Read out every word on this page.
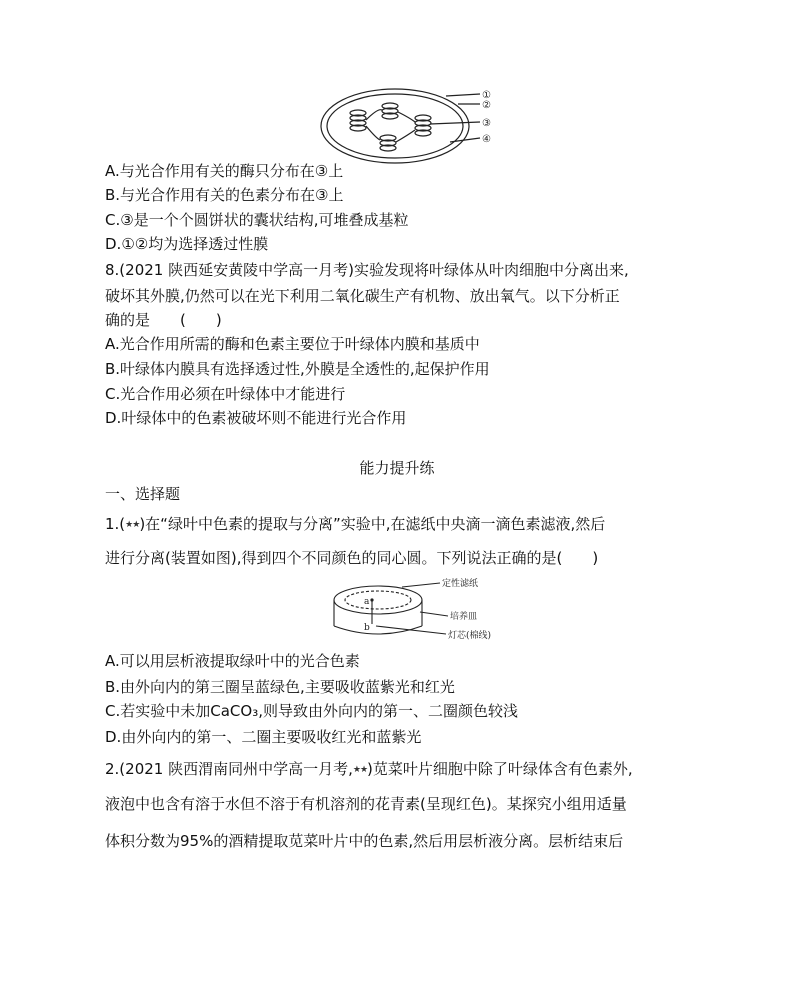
①
②
③
④
A.与光合作用有关的酶只分布在③上
B.与光合作用有关的色素分布在③上
C.③是一个个圆饼状的囊状结构,可堆叠成基粒
D.①②均为选择透过性膜
8.(2021 陕西延安黄陵中学高一月考)实验发现将叶绿体从叶肉细胞中分离出来,
破坏其外膜,仍然可以在光下利用二氧化碳生产有机物、放出氧气。以下分析正
确的是　　(　　)
A.光合作用所需的酶和色素主要位于叶绿体内膜和基质中
B.叶绿体内膜具有选择透过性,外膜是全透性的,起保护作用
C.光合作用必须在叶绿体中才能进行
D.叶绿体中的色素被破坏则不能进行光合作用
能力提升练
一、选择题
1.(★★)在“绿叶中色素的提取与分离”实验中,在滤纸中央滴一滴色素滤液,然后
进行分离(装置如图),得到四个不同颜色的同心圆。下列说法正确的是(　　)
a
b
定性滤纸
培养皿
灯芯(棉线)
A.可以用层析液提取绿叶中的光合色素
B.由外向内的第三圈呈蓝绿色,主要吸收蓝紫光和红光
C.若实验中未加CaCO₃,则导致由外向内的第一、二圈颜色较浅
D.由外向内的第一、二圈主要吸收红光和蓝紫光
2.(2021 陕西渭南同州中学高一月考,★★)苋菜叶片细胞中除了叶绿体含有色素外,
液泡中也含有溶于水但不溶于有机溶剂的花青素(呈现红色)。某探究小组用适量
体积分数为95%的酒精提取苋菜叶片中的色素,然后用层析液分离。层析结束后
